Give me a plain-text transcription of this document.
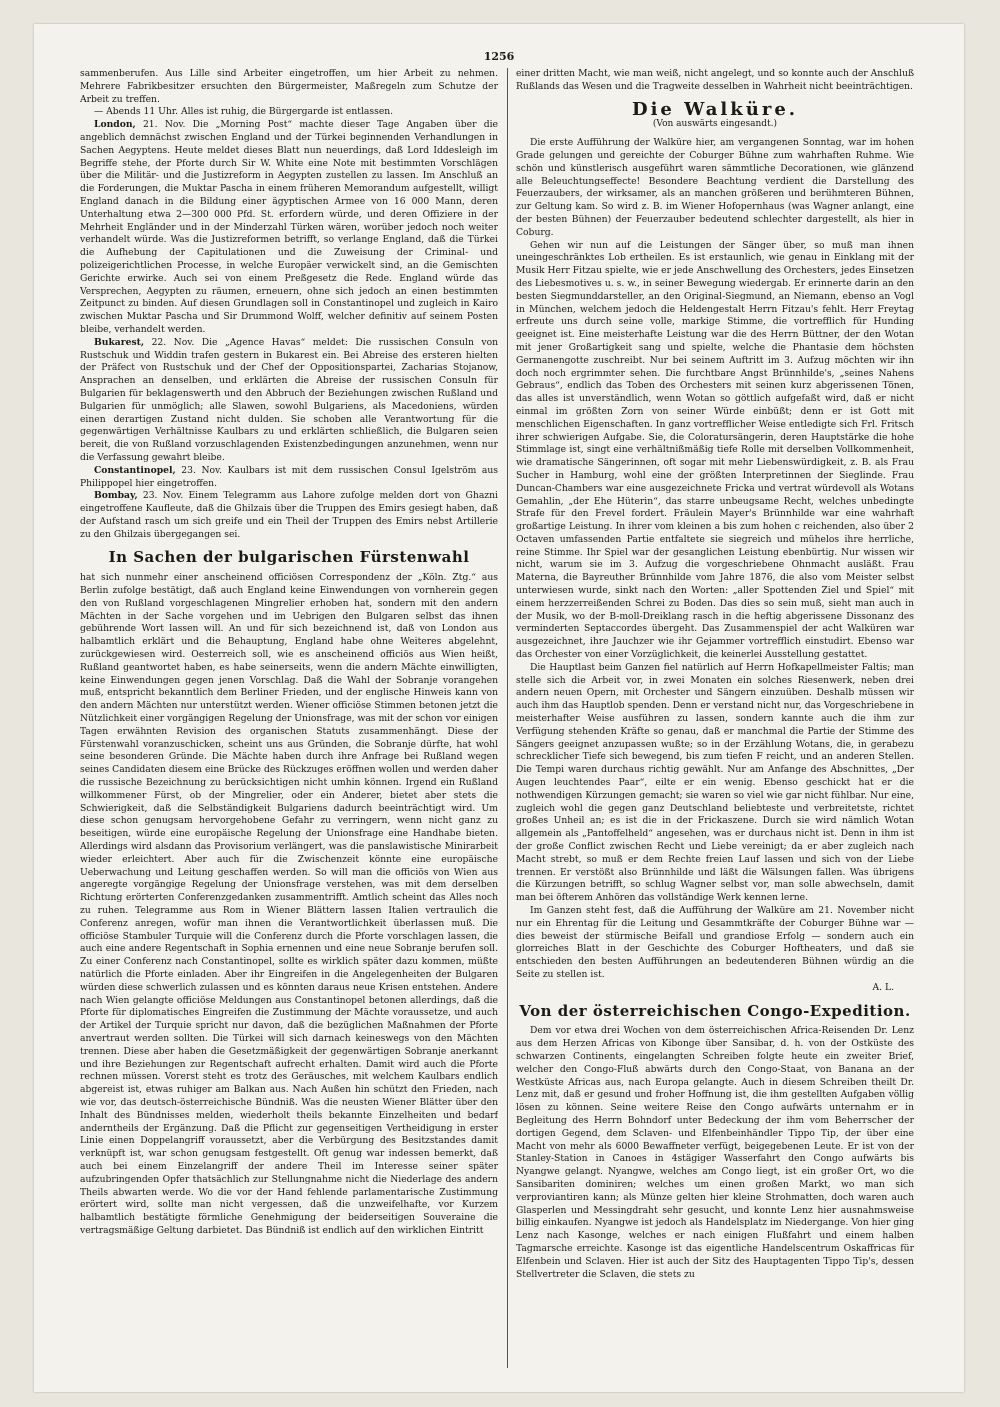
1256

sammenberufen. Aus Lille sind Arbeiter eingetroffen, um hier Arbeit zu nehmen. Mehrere Fabrikbesitzer ersuchten den Bürgermeister, Maßregeln zum Schutze der Arbeit zu treffen.

— Abends 11 Uhr. Alles ist ruhig, die Bürgergarde ist entlassen.

London, 21. Nov. Die „Morning Post“ machte dieser Tage Angaben über die angeblich demnächst zwischen England und der Türkei beginnenden Verhandlungen in Sachen Aegyptens. Heute meldet dieses Blatt nun neuerdings, daß Lord Iddesleigh im Begriffe stehe, der Pforte durch Sir W. White eine Note mit bestimmten Vorschlägen über die Militär- und die Justizreform in Aegypten zustellen zu lassen. Im Anschluß an die Forderungen, die Muktar Pascha in einem früheren Memorandum aufgestellt, willigt England danach in die Bildung einer ägyptischen Armee von 16 000 Mann, deren Unterhaltung etwa 2—300 000 Pfd. St. erfordern würde, und deren Offiziere in der Mehrheit Engländer und in der Minderzahl Türken wären, worüber jedoch noch weiter verhandelt würde. Was die Justizreformen betrifft, so verlange England, daß die Türkei die Aufhebung der Capitulationen und die Zuweisung der Criminal- und polizeigerichtlichen Processe, in welche Europäer verwickelt sind, an die Gemischten Gerichte erwirke. Auch sei von einem Preßgesetz die Rede. England würde das Versprechen, Aegypten zu räumen, erneuern, ohne sich jedoch an einen bestimmten Zeitpunct zu binden. Auf diesen Grundlagen soll in Constantinopel und zugleich in Kairo zwischen Muktar Pascha und Sir Drummond Wolff, welcher definitiv auf seinem Posten bleibe, verhandelt werden.

Bukarest, 22. Nov. Die „Agence Havas“ meldet: Die russischen Consuln von Rustschuk und Widdin trafen gestern in Bukarest ein. Bei Abreise des ersteren hielten der Präfect von Rustschuk und der Chef der Oppositionspartei, Zacharias Stojanow, Ansprachen an denselben, und erklärten die Abreise der russischen Consuln für Bulgarien für beklagenswerth und den Abbruch der Beziehungen zwischen Rußland und Bulgarien für unmöglich; alle Slawen, sowohl Bulgariens, als Macedoniens, würden einen derartigen Zustand nicht dulden. Sie schoben alle Verantwortung für die gegenwärtigen Verhältnisse Kaulbars zu und erklärten schließlich, die Bulgaren seien bereit, die von Rußland vorzuschlagenden Existenzbedingungen anzunehmen, wenn nur die Verfassung gewahrt bleibe.

Constantinopel, 23. Nov. Kaulbars ist mit dem russischen Consul Igelström aus Philippopel hier eingetroffen.

Bombay, 23. Nov. Einem Telegramm aus Lahore zufolge melden dort von Ghazni eingetroffene Kaufleute, daß die Ghilzais über die Truppen des Emirs gesiegt haben, daß der Aufstand rasch um sich greife und ein Theil der Truppen des Emirs nebst Artillerie zu den Ghilzais übergegangen sei.

In Sachen der bulgarischen Fürstenwahl

hat sich nunmehr einer anscheinend officiösen Correspondenz der „Köln. Ztg.“ aus Berlin zufolge bestätigt, daß auch England keine Einwendungen von vornherein gegen den von Rußland vorgeschlagenen Mingrelier erhoben hat, sondern mit den andern Mächten in der Sache vorgehen und im Uebrigen den Bulgaren selbst das ihnen gebührende Wort lassen will. An und für sich bezeichnend ist, daß von London aus halbamtlich erklärt und die Behauptung, England habe ohne Weiteres abgelehnt, zurückgewiesen wird. Oesterreich soll, wie es anscheinend officiös aus Wien heißt, Rußland geantwortet haben, es habe seinerseits, wenn die andern Mächte einwilligten, keine Einwendungen gegen jenen Vorschlag. Daß die Wahl der Sobranje vorangehen muß, entspricht bekanntlich dem Berliner Frieden, und der englische Hinweis kann von den andern Mächten nur unterstützt werden. Wiener officiöse Stimmen betonen jetzt die Nützlichkeit einer vorgängigen Regelung der Unionsfrage, was mit der schon vor einigen Tagen erwähnten Revision des organischen Statuts zusammenhängt. Diese der Fürstenwahl voranzuschicken, scheint uns aus Gründen, die Sobranje dürfte, hat wohl seine besonderen Gründe. Die Mächte haben durch ihre Anfrage bei Rußland wegen seines Candidaten diesem eine Brücke des Rückzuges eröffnen wollen und werden daher die russische Bezeichnung zu berücksichtigen nicht umhin können. Irgend ein Rußland willkommener Fürst, ob der Mingrelier, oder ein Anderer, bietet aber stets die Schwierigkeit, daß die Selbständigkeit Bulgariens dadurch beeinträchtigt wird. Um diese schon genugsam hervorgehobene Gefahr zu verringern, wenn nicht ganz zu beseitigen, würde eine europäische Regelung der Unionsfrage eine Handhabe bieten. Allerdings wird alsdann das Provisorium verlängert, was die panslawistische Minirarbeit wieder erleichtert. Aber auch für die Zwischenzeit könnte eine europäische Ueberwachung und Leitung geschaffen werden. So will man die officiös von Wien aus angeregte vorgängige Regelung der Unionsfrage verstehen, was mit dem derselben Richtung erörterten Conferenzgedanken zusammentrifft. Amtlich scheint das Alles noch zu ruhen. Telegramme aus Rom in Wiener Blättern lassen Italien vertraulich die Conferenz anregen, wofür man ihnen die Verantwortlichkeit überlassen muß. Die officiöse Stambuler Turquie will die Conferenz durch die Pforte vorschlagen lassen, die auch eine andere Regentschaft in Sophia ernennen und eine neue Sobranje berufen soll. Zu einer Conferenz nach Constantinopel, sollte es wirklich später dazu kommen, müßte natürlich die Pforte einladen. Aber ihr Eingreifen in die Angelegenheiten der Bulgaren würden diese schwerlich zulassen und es könnten daraus neue Krisen entstehen. Andere nach Wien gelangte officiöse Meldungen aus Constantinopel betonen allerdings, daß die Pforte für diplomatisches Eingreifen die Zustimmung der Mächte voraussetze, und auch der Artikel der Turquie spricht nur davon, daß die bezüglichen Maßnahmen der Pforte anvertraut werden sollten. Die Türkei will sich darnach keineswegs von den Mächten trennen. Diese aber haben die Gesetzmäßigkeit der gegenwärtigen Sobranje anerkannt und ihre Beziehungen zur Regentschaft aufrecht erhalten. Damit wird auch die Pforte rechnen müssen. Vorerst steht es trotz des Geräusches, mit welchem Kaulbars endlich abgereist ist, etwas ruhiger am Balkan aus. Nach Außen hin schützt den Frieden, nach wie vor, das deutsch-österreichische Bündniß. Was die neusten Wiener Blätter über den Inhalt des Bündnisses melden, wiederholt theils bekannte Einzelheiten und bedarf anderntheils der Ergänzung. Daß die Pflicht zur gegenseitigen Vertheidigung in erster Linie einen Doppelangriff voraussetzt, aber die Verbürgung des Besitzstandes damit verknüpft ist, war schon genugsam festgestellt. Oft genug war indessen bemerkt, daß auch bei einem Einzelangriff der andere Theil im Interesse seiner später aufzubringenden Opfer thatsächlich zur Stellungnahme nicht die Niederlage des andern Theils abwarten werde. Wo die vor der Hand fehlende parlamentarische Zustimmung erörtert wird, sollte man nicht vergessen, daß die unzweifelhafte, vor Kurzem halbamtlich bestätigte förmliche Genehmigung der beiderseitigen Souveraine die vertragsmäßige Geltung darbietet. Das Bündniß ist endlich auf den wirklichen Eintritt

einer dritten Macht, wie man weiß, nicht angelegt, und so konnte auch der Anschluß Rußlands das Wesen und die Tragweite desselben in Wahrheit nicht beeinträchtigen.

Die Walküre.
(Von auswärts eingesandt.)

Die erste Aufführung der Walküre hier, am vergangenen Sonntag, war im hohen Grade gelungen und gereichte der Coburger Bühne zum wahrhaften Ruhme. Wie schön und künstlerisch ausgeführt waren sämmtliche Decorationen, wie glänzend alle Beleuchtungseffecte! Besondere Beachtung verdient die Darstellung des Feuerzaubers, der wirksamer, als an manchen größeren und berühmteren Bühnen, zur Geltung kam. So wird z. B. im Wiener Hofopernhaus (was Wagner anlangt, eine der besten Bühnen) der Feuerzauber bedeutend schlechter dargestellt, als hier in Coburg.

Gehen wir nun auf die Leistungen der Sänger über, so muß man ihnen uneingeschränktes Lob ertheilen. Es ist erstaunlich, wie genau in Einklang mit der Musik Herr Fitzau spielte, wie er jede Anschwellung des Orchesters, jedes Einsetzen des Liebesmotives u. s. w., in seiner Bewegung wiedergab. Er erinnerte darin an den besten Siegmunddarsteller, an den Original-Siegmund, an Niemann, ebenso an Vogl in München, welchem jedoch die Heldengestalt Herrn Fitzau's fehlt. Herr Freytag erfreute uns durch seine volle, markige Stimme, die vortrefflich für Hunding geeignet ist. Eine meisterhafte Leistung war die des Herrn Büttner, der den Wotan mit jener Großartigkeit sang und spielte, welche die Phantasie dem höchsten Germanengotte zuschreibt. Nur bei seinem Auftritt im 3. Aufzug möchten wir ihn doch noch ergrimmter sehen. Die furchtbare Angst Brünnhilde's, „seines Nahens Gebraus“, endlich das Toben des Orchesters mit seinen kurz abgerissenen Tönen, das alles ist unverständlich, wenn Wotan so göttlich aufgefaßt wird, daß er nicht einmal im größten Zorn von seiner Würde einbüßt; denn er ist Gott mit menschlichen Eigenschaften. In ganz vortrefflicher Weise entledigte sich Frl. Fritsch ihrer schwierigen Aufgabe. Sie, die Coloratursängerin, deren Hauptstärke die hohe Stimmlage ist, singt eine verhältnißmäßig tiefe Rolle mit derselben Vollkommenheit, wie dramatische Sängerinnen, oft sogar mit mehr Liebenswürdigkeit, z. B. als Frau Sucher in Hamburg, wohl eine der größten Interpretinnen der Sieglinde. Frau Duncan-Chambers war eine ausgezeichnete Fricka und vertrat würdevoll als Wotans Gemahlin, „der Ehe Hüterin“, das starre unbeugsame Recht, welches unbedingte Strafe für den Frevel fordert. Fräulein Mayer's Brünnhilde war eine wahrhaft großartige Leistung. In ihrer vom kleinen a bis zum hohen c reichenden, also über 2 Octaven umfassenden Partie entfaltete sie siegreich und mühelos ihre herrliche, reine Stimme. Ihr Spiel war der gesanglichen Leistung ebenbürtig. Nur wissen wir nicht, warum sie im 3. Aufzug die vorgeschriebene Ohnmacht ausläßt. Frau Materna, die Bayreuther Brünnhilde vom Jahre 1876, die also vom Meister selbst unterwiesen wurde, sinkt nach den Worten: „aller Spottenden Ziel und Spiel“ mit einem herzzerreißenden Schrei zu Boden. Das dies so sein muß, sieht man auch in der Musik, wo der B-moll-Dreiklang rasch in die heftig abgerissene Dissonanz des verminderten Septaccordes übergeht. Das Zusammenspiel der acht Walküren war ausgezeichnet, ihre Jauchzer wie ihr Gejammer vortrefflich einstudirt. Ebenso war das Orchester von einer Vorzüglichkeit, die keinerlei Ausstellung gestattet.

Die Hauptlast beim Ganzen fiel natürlich auf Herrn Hofkapellmeister Faltis; man stelle sich die Arbeit vor, in zwei Monaten ein solches Riesenwerk, neben drei andern neuen Opern, mit Orchester und Sängern einzuüben. Deshalb müssen wir auch ihm das Hauptlob spenden. Denn er verstand nicht nur, das Vorgeschriebene in meisterhafter Weise ausführen zu lassen, sondern kannte auch die ihm zur Verfügung stehenden Kräfte so genau, daß er manchmal die Partie der Stimme des Sängers geeignet anzupassen wußte; so in der Erzählung Wotans, die, in gerabezu schrecklicher Tiefe sich bewegend, bis zum tiefen F reicht, und an anderen Stellen. Die Tempi waren durchaus richtig gewählt. Nur am Anfange des Abschnittes, „Der Augen leuchtendes Paar“, eilte er ein wenig. Ebenso geschickt hat er die nothwendigen Kürzungen gemacht; sie waren so viel wie gar nicht fühlbar. Nur eine, zugleich wohl die gegen ganz Deutschland beliebteste und verbreitetste, richtet großes Unheil an; es ist die in der Frickaszene. Durch sie wird nämlich Wotan allgemein als „Pantoffelheld“ angesehen, was er durchaus nicht ist. Denn in ihm ist der große Conflict zwischen Recht und Liebe vereinigt; da er aber zugleich nach Macht strebt, so muß er dem Rechte freien Lauf lassen und sich von der Liebe trennen. Er verstößt also Brünnhilde und läßt die Wälsungen fallen. Was übrigens die Kürzungen betrifft, so schlug Wagner selbst vor, man solle abwechseln, damit man bei öfterem Anhören das vollständige Werk kennen lerne.

Im Ganzen steht fest, daß die Aufführung der Walküre am 21. November nicht nur ein Ehrentag für die Leitung und Gesammtkräfte der Coburger Bühne war — dies beweist der stürmische Beifall und grandiose Erfolg — sondern auch ein glorreiches Blatt in der Geschichte des Coburger Hoftheaters, und daß sie entschieden den besten Aufführungen an bedeutenderen Bühnen würdig an die Seite zu stellen ist.

A. L.
Von der österreichischen Congo-Expedition.

Dem vor etwa drei Wochen von dem österreichischen Africa-Reisenden Dr. Lenz aus dem Herzen Africas von Kibonge über Sansibar, d. h. von der Ostküste des schwarzen Continents, eingelangten Schreiben folgte heute ein zweiter Brief, welcher den Congo-Fluß abwärts durch den Congo-Staat, von Banana an der Westküste Africas aus, nach Europa gelangte. Auch in diesem Schreiben theilt Dr. Lenz mit, daß er gesund und froher Hoffnung ist, die ihm gestellten Aufgaben völlig lösen zu können. Seine weitere Reise den Congo aufwärts unternahm er in Begleitung des Herrn Bohndorf unter Bedeckung der ihm vom Beherrscher der dortigen Gegend, dem Sclaven- und Elfenbeinhändler Tippo Tip, der über eine Macht von mehr als 6000 Bewaffneter verfügt, beigegebenen Leute. Er ist von der Stanley-Station in Canoes in 4stägiger Wasserfahrt den Congo aufwärts bis Nyangwe gelangt. Nyangwe, welches am Congo liegt, ist ein großer Ort, wo die Sansibariten dominiren; welches um einen großen Markt, wo man sich verproviantiren kann; als Münze gelten hier kleine Strohmatten, doch waren auch Glasperlen und Messingdraht sehr gesucht, und konnte Lenz hier ausnahmsweise billig einkaufen. Nyangwe ist jedoch als Handelsplatz im Niedergange. Von hier ging Lenz nach Kasonge, welches er nach einigen Flußfahrt und einem halben Tagmarsche erreichte. Kasonge ist das eigentliche Handelscentrum Oskaffricas für Elfenbein und Sclaven. Hier ist auch der Sitz des Hauptagenten Tippo Tip's, dessen Stellvertreter die Sclaven, die stets zu
